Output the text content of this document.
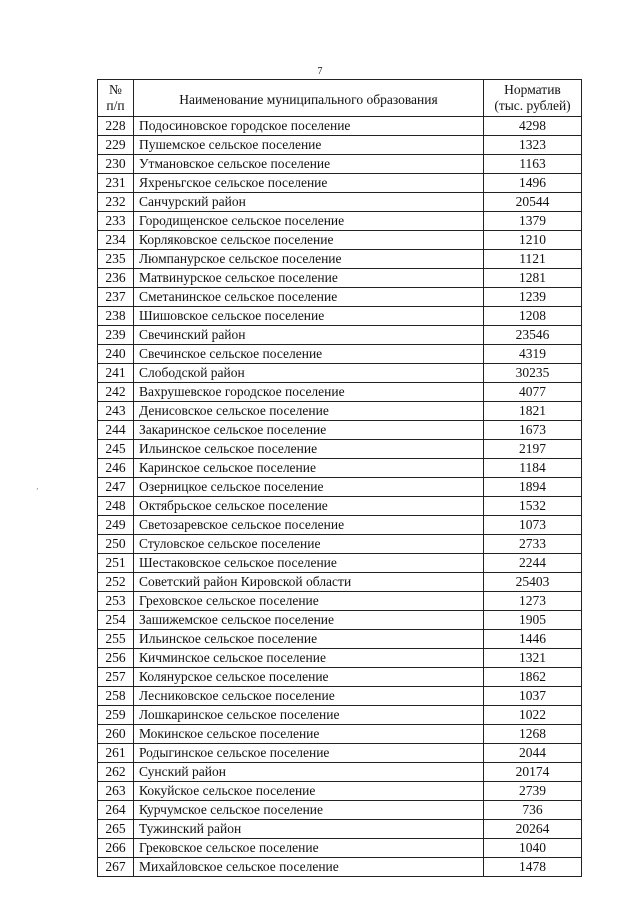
7
‚
№
п/п	Наименование муниципального образования	Норматив
(тыс. рублей)

228	Подосиновское городское поселение	4298
229	Пушемское сельское поселение	1323
230	Утмановское сельское поселение	1163
231	Яхреньгское сельское поселение	1496
232	Санчурский район	20544
233	Городищенское сельское поселение	1379
234	Корляковское сельское поселение	1210
235	Люмпанурское сельское поселение	1121
236	Матвинурское сельское поселение	1281
237	Сметанинское сельское поселение	1239
238	Шишовское сельское поселение	1208
239	Свечинский район	23546
240	Свечинское сельское поселение	4319
241	Слободской район	30235
242	Вахрушевское городское поселение	4077
243	Денисовское сельское поселение	1821
244	Закаринское сельское поселение	1673
245	Ильинское сельское поселение	2197
246	Каринское сельское поселение	1184
247	Озерницкое сельское поселение	1894
248	Октябрьское сельское поселение	1532
249	Светозаревское сельское поселение	1073
250	Стуловское сельское поселение	2733
251	Шестаковское сельское поселение	2244
252	Советский район Кировской области	25403
253	Греховское сельское поселение	1273
254	Зашижемское сельское поселение	1905
255	Ильинское сельское поселение	1446
256	Кичминское сельское поселение	1321
257	Колянурское сельское поселение	1862
258	Лесниковское сельское поселение	1037
259	Лошкаринское сельское поселение	1022
260	Мокинское сельское поселение	1268
261	Родыгинское сельское поселение	2044
262	Сунский район	20174
263	Кокуйское сельское поселение	2739
264	Курчумское сельское поселение	736
265	Тужинский район	20264
266	Грековское сельское поселение	1040
267	Михайловское сельское поселение	1478
